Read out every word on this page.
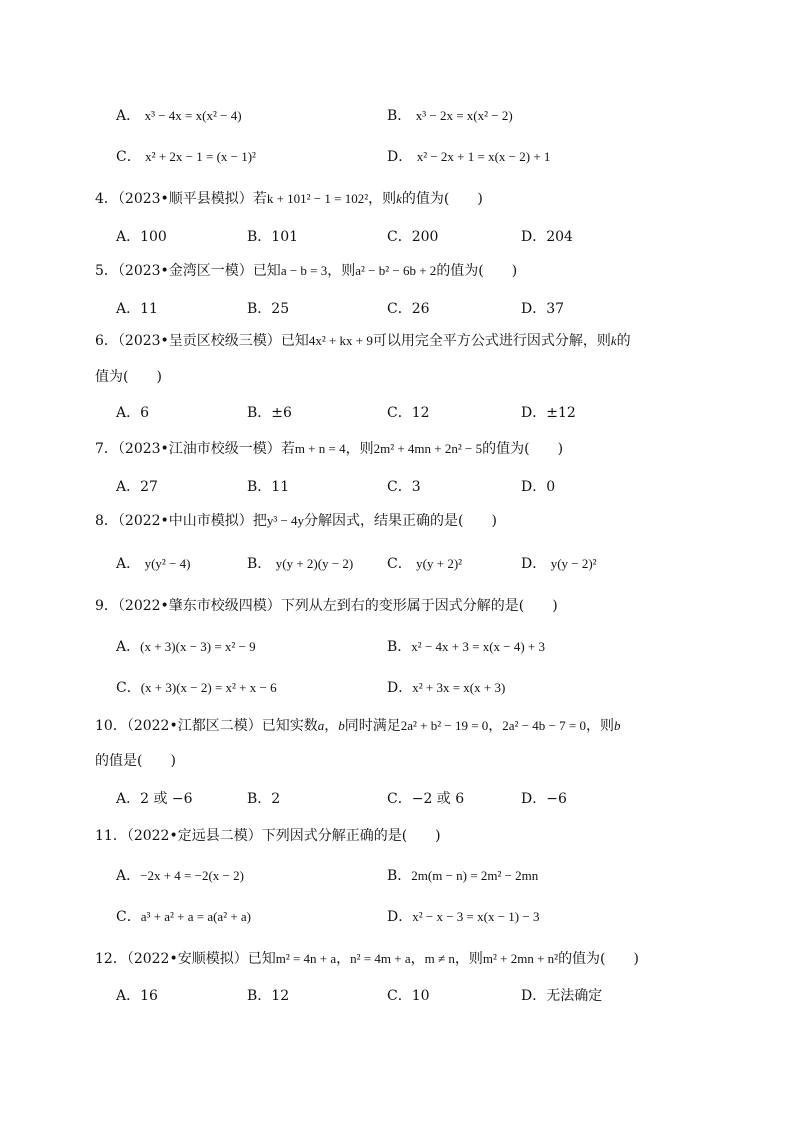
A． x³ − 4x = x(x² − 4)	B． x³ − 2x = x(x² − 2)
C． x² + 2x − 1 = (x − 1)²	D． x² − 2x + 1 = x(x − 2) + 1
4．（2023•顺平县模拟）若k + 101² − 1 = 102²，则k的值为(　　)
A．100	B．101	C．200	D．204
5．（2023•金湾区一模）已知a − b = 3，则a² − b² − 6b + 2的值为(　　)
A．11	B．25	C．26	D．37
6．（2023•呈贡区校级三模）已知4x² + kx + 9可以用完全平方公式进行因式分解，则k的
值为(　　)
A．6	B．±6	C．12	D．±12
7．（2023•江油市校级一模）若m + n = 4，则2m² + 4mn + 2n² − 5的值为(　　)
A．27	B．11	C．3	D．0
8．（2022•中山市模拟）把y³ − 4y分解因式，结果正确的是(　　)
A． y(y² − 4)	B． y(y + 2)(y − 2) C． y(y + 2)²	D． y(y − 2)²
9．（2022•肇东市校级四模）下列从左到右的变形属于因式分解的是(　　)
A．(x + 3)(x − 3) = x² − 9	B．x² − 4x + 3 = x(x − 4) + 3
C．(x + 3)(x − 2) = x² + x − 6	D．x² + 3x = x(x + 3)
10．（2022•江都区二模）已知实数a，b同时满足2a² + b² − 19 = 0，2a² − 4b − 7 = 0，则b
的值是(　　)
A．2 或 −6	B．2	C．−2 或 6	D．−6
11．（2022•定远县二模）下列因式分解正确的是(　　)
A．−2x + 4 = −2(x − 2)	B．2m(m − n) = 2m² − 2mn
C．a³ + a² + a = a(a² + a)	D．x² − x − 3 = x(x − 1) − 3
12．（2022•安顺模拟）已知m² = 4n + a，n² = 4m + a，m ≠ n，则m² + 2mn + n²的值为(　　)
A．16	B．12	C．10	D．无法确定
